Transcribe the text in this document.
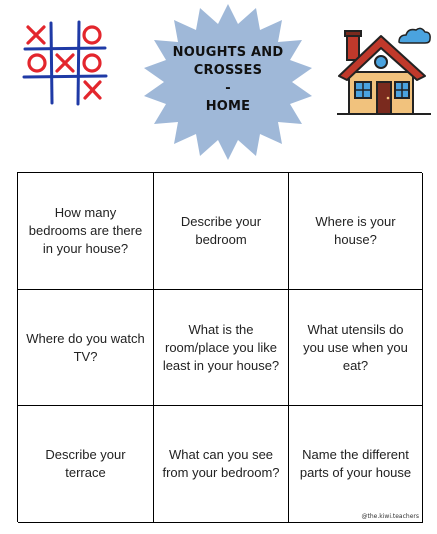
NOUGHTS AND
CROSSES
-
HOME
How many bedrooms are there in your house?
Describe your bedroom
Where is your house?
Where do you watch TV?
What is the room/place you like least in your house?
What utensils do you use when you eat?
Describe your terrace
What can you see from your bedroom?
Name the different parts of your house
@the.kiwi.teachers
